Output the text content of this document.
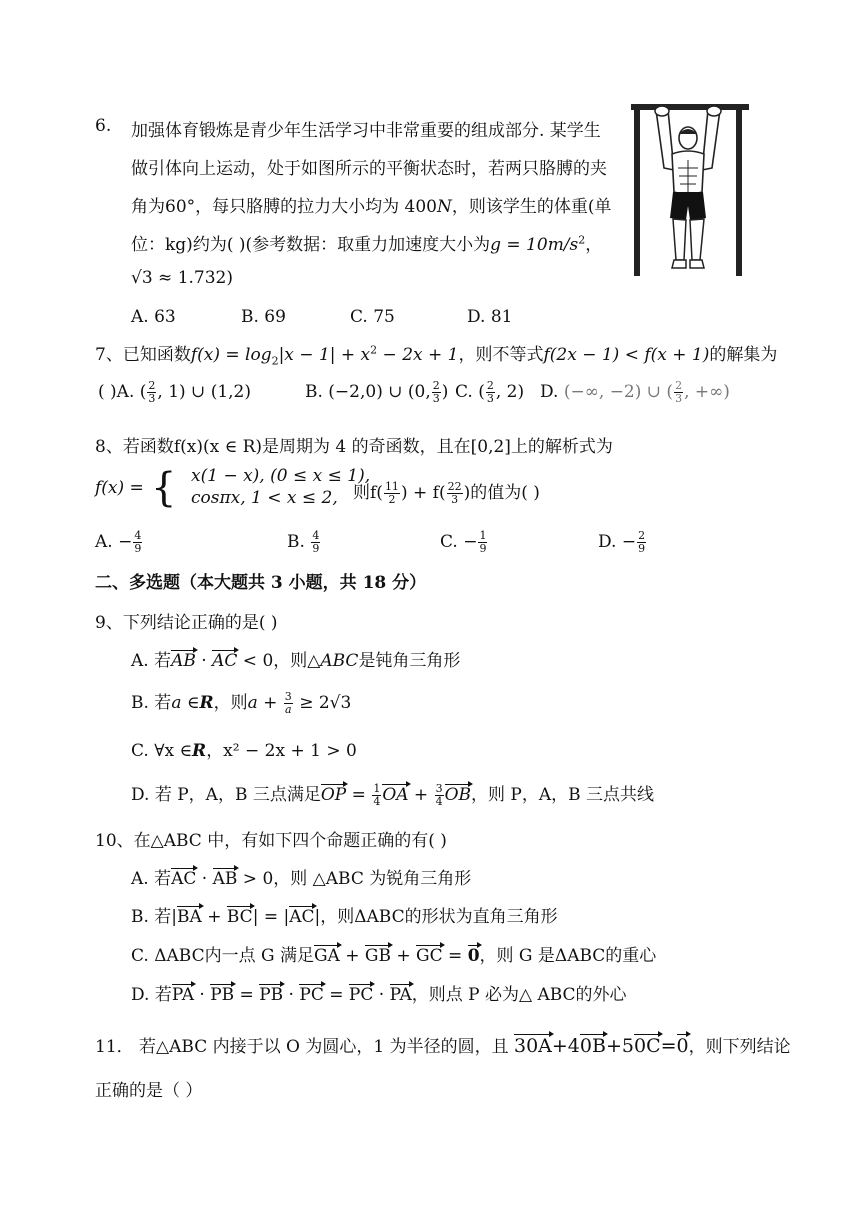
6. 加强体育锻炼是青少年生活学习中非常重要的组成部分. 某学生
做引体向上运动，处于如图所示的平衡状态时，若两只胳膊的夹
角为60°，每只胳膊的拉力大小均为 400N，则该学生的体重(单
位：kg)约为( )(参考数据：取重力加速度大小为$g = 10m/s^2$，
√3 ≈ 1.732)
A. 63	B. 69	C. 75	D. 81
7、已知函数$f(x) = \log_2|x - 1| + x^2 - 2x + 1$，则不等式f(2x − 1) < f(x + 1)的解集为
( )A. ( $\frac{2}{3}$ , 1) ∪ (1,2)	B. (−2,0) ∪ (0, $\frac{2}{3}$ ) C. ( $\frac{2}{3}$ , 2) D. (−∞, −2) ∪ ( $\frac{2}{3}$ , +∞)
8、若函数f(x)(x ∈ R)是周期为 4 的奇函数，且在[0,2]上的解析式为
f(x) = { x(1 − x), (0 ≤ x ≤ 1),
cosπx, 1 < x ≤ 2, 则$f( \frac{11}{2}$ ) + $f( \frac{22}{3}$ )的值为( )
A. − $\frac{4}{9}$	B. $\frac{4}{9}$	C. − $\frac{1}{9}$	D. − $\frac{2}{9}$
二、多选题（本大题共 3 小题，共 18 分）
9、下列结论正确的是( )
A. 若AB · AC < 0，则△ABC是钝角三角形
B. 若a ∈R，则$a + \frac{3}{a} \ge 2√3$
C. ∀x ∈R，x² − 2x + 1 > 0
D. 若 P，A，B 三点满足OP = $\frac{1}{4}$ OA + $\frac{3}{4}$ OB，则 P，A，B 三点共线
10、在△ABC 中，有如下四个命题正确的有( )
A. 若AC · AB > 0，则 △ABC 为锐角三角形
B. 若|BA + BC| = |AC|，则ΔABC的形状为直角三角形
C. ΔABC内一点 G 满足GA + GB + GC = 0，则 G 是ΔABC的重心
D. 若PA · PB = PB · PC = PC · PA，则点 P 必为△ ABC的外心
11． 若△ABC 内接于以 O 为圆心，1 为半径的圆，且 30A+40B+50C=0，则下列结论
正确的是（ ）
